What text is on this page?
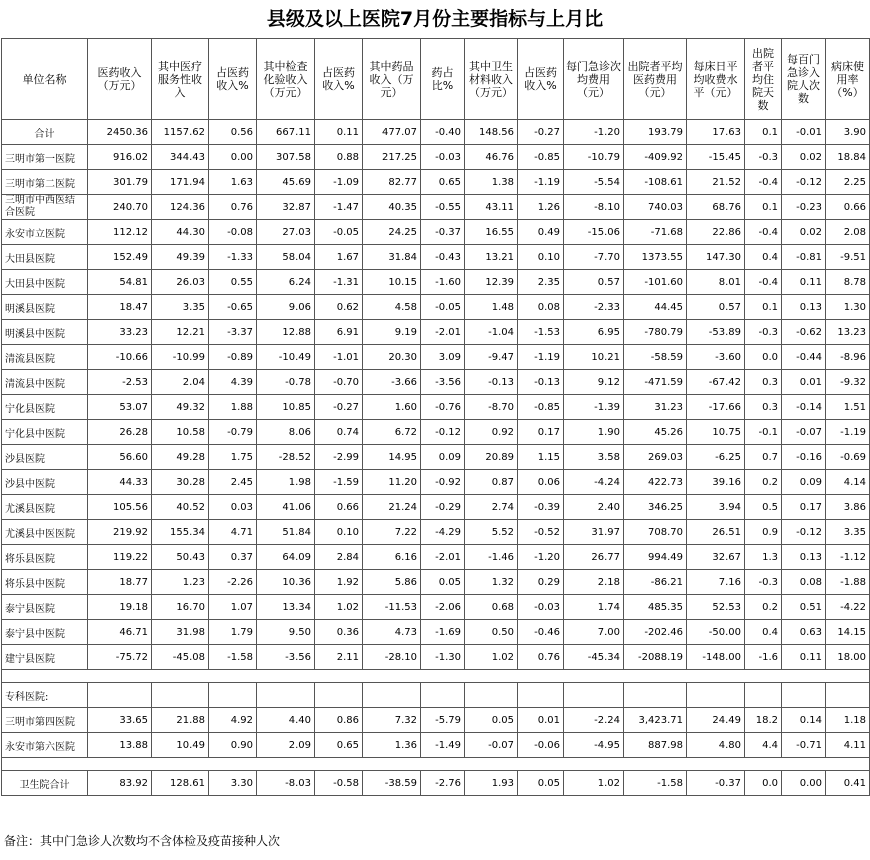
县级及以上医院7月份主要指标与上月比
单位名称	医药收入（万元）	其中医疗服务性收入	占医药收入%	其中检查化验收入（万元）	占医药收入%	其中药品收入（万元）	药占比%	其中卫生材料收入（万元）	占医药收入%	每门急诊次均费用（元）	出院者平均医药费用（元）	每床日平均收费水平（元）	出院者平均住院天数	每百门急诊入院人次数	病床使用率（%）
合计	2450.36	1157.62	0.56	667.11	0.11	477.07	-0.40	148.56	-0.27	-1.20	193.79	17.63	0.1	-0.01	3.90
三明市第一医院	916.02	344.43	0.00	307.58	0.88	217.25	-0.03	46.76	-0.85	-10.79	-409.92	-15.45	-0.3	0.02	18.84
三明市第二医院	301.79	171.94	1.63	45.69	-1.09	82.77	0.65	1.38	-1.19	-5.54	-108.61	21.52	-0.4	-0.12	2.25
三明市中西医结合医院	240.70	124.36	0.76	32.87	-1.47	40.35	-0.55	43.11	1.26	-8.10	740.03	68.76	0.1	-0.23	0.66
永安市立医院	112.12	44.30	-0.08	27.03	-0.05	24.25	-0.37	16.55	0.49	-15.06	-71.68	22.86	-0.4	0.02	2.08
大田县医院	152.49	49.39	-1.33	58.04	1.67	31.84	-0.43	13.21	0.10	-7.70	1373.55	147.30	0.4	-0.81	-9.51
大田县中医院	54.81	26.03	0.55	6.24	-1.31	10.15	-1.60	12.39	2.35	0.57	-101.60	8.01	-0.4	0.11	8.78
明溪县医院	18.47	3.35	-0.65	9.06	0.62	4.58	-0.05	1.48	0.08	-2.33	44.45	0.57	0.1	0.13	1.30
明溪县中医院	33.23	12.21	-3.37	12.88	6.91	9.19	-2.01	-1.04	-1.53	6.95	-780.79	-53.89	-0.3	-0.62	13.23
清流县医院	-10.66	-10.99	-0.89	-10.49	-1.01	20.30	3.09	-9.47	-1.19	10.21	-58.59	-3.60	0.0	-0.44	-8.96
清流县中医院	-2.53	2.04	4.39	-0.78	-0.70	-3.66	-3.56	-0.13	-0.13	9.12	-471.59	-67.42	0.3	0.01	-9.32
宁化县医院	53.07	49.32	1.88	10.85	-0.27	1.60	-0.76	-8.70	-0.85	-1.39	31.23	-17.66	0.3	-0.14	1.51
宁化县中医院	26.28	10.58	-0.79	8.06	0.74	6.72	-0.12	0.92	0.17	1.90	45.26	10.75	-0.1	-0.07	-1.19
沙县医院	56.60	49.28	1.75	-28.52	-2.99	14.95	0.09	20.89	1.15	3.58	269.03	-6.25	0.7	-0.16	-0.69
沙县中医院	44.33	30.28	2.45	1.98	-1.59	11.20	-0.92	0.87	0.06	-4.24	422.73	39.16	0.2	0.09	4.14
尤溪县医院	105.56	40.52	0.03	41.06	0.66	21.24	-0.29	2.74	-0.39	2.40	346.25	3.94	0.5	0.17	3.86
尤溪县中医医院	219.92	155.34	4.71	51.84	0.10	7.22	-4.29	5.52	-0.52	31.97	708.70	26.51	0.9	-0.12	3.35
将乐县医院	119.22	50.43	0.37	64.09	2.84	6.16	-2.01	-1.46	-1.20	26.77	994.49	32.67	1.3	0.13	-1.12
将乐县中医院	18.77	1.23	-2.26	10.36	1.92	5.86	0.05	1.32	0.29	2.18	-86.21	7.16	-0.3	0.08	-1.88
泰宁县医院	19.18	16.70	1.07	13.34	1.02	-11.53	-2.06	0.68	-0.03	1.74	485.35	52.53	0.2	0.51	-4.22
泰宁县中医院	46.71	31.98	1.79	9.50	0.36	4.73	-1.69	0.50	-0.46	7.00	-202.46	-50.00	0.4	0.63	14.15
建宁县医院	-75.72	-45.08	-1.58	-3.56	2.11	-28.10	-1.30	1.02	0.76	-45.34	-2088.19	-148.00	-1.6	0.11	18.00

专科医院:															
三明市第四医院	33.65	21.88	4.92	4.40	0.86	7.32	-5.79	0.05	0.01	-2.24	3,423.71	24.49	18.2	0.14	1.18
永安市第六医院	13.88	10.49	0.90	2.09	0.65	1.36	-1.49	-0.07	-0.06	-4.95	887.98	4.80	4.4	-0.71	4.11

卫生院合计	83.92	128.61	3.30	-8.03	-0.58	-38.59	-2.76	1.93	0.05	1.02	-1.58	-0.37	0.0	0.00	0.41
备注：其中门急诊人次数均不含体检及疫苗接种人次
